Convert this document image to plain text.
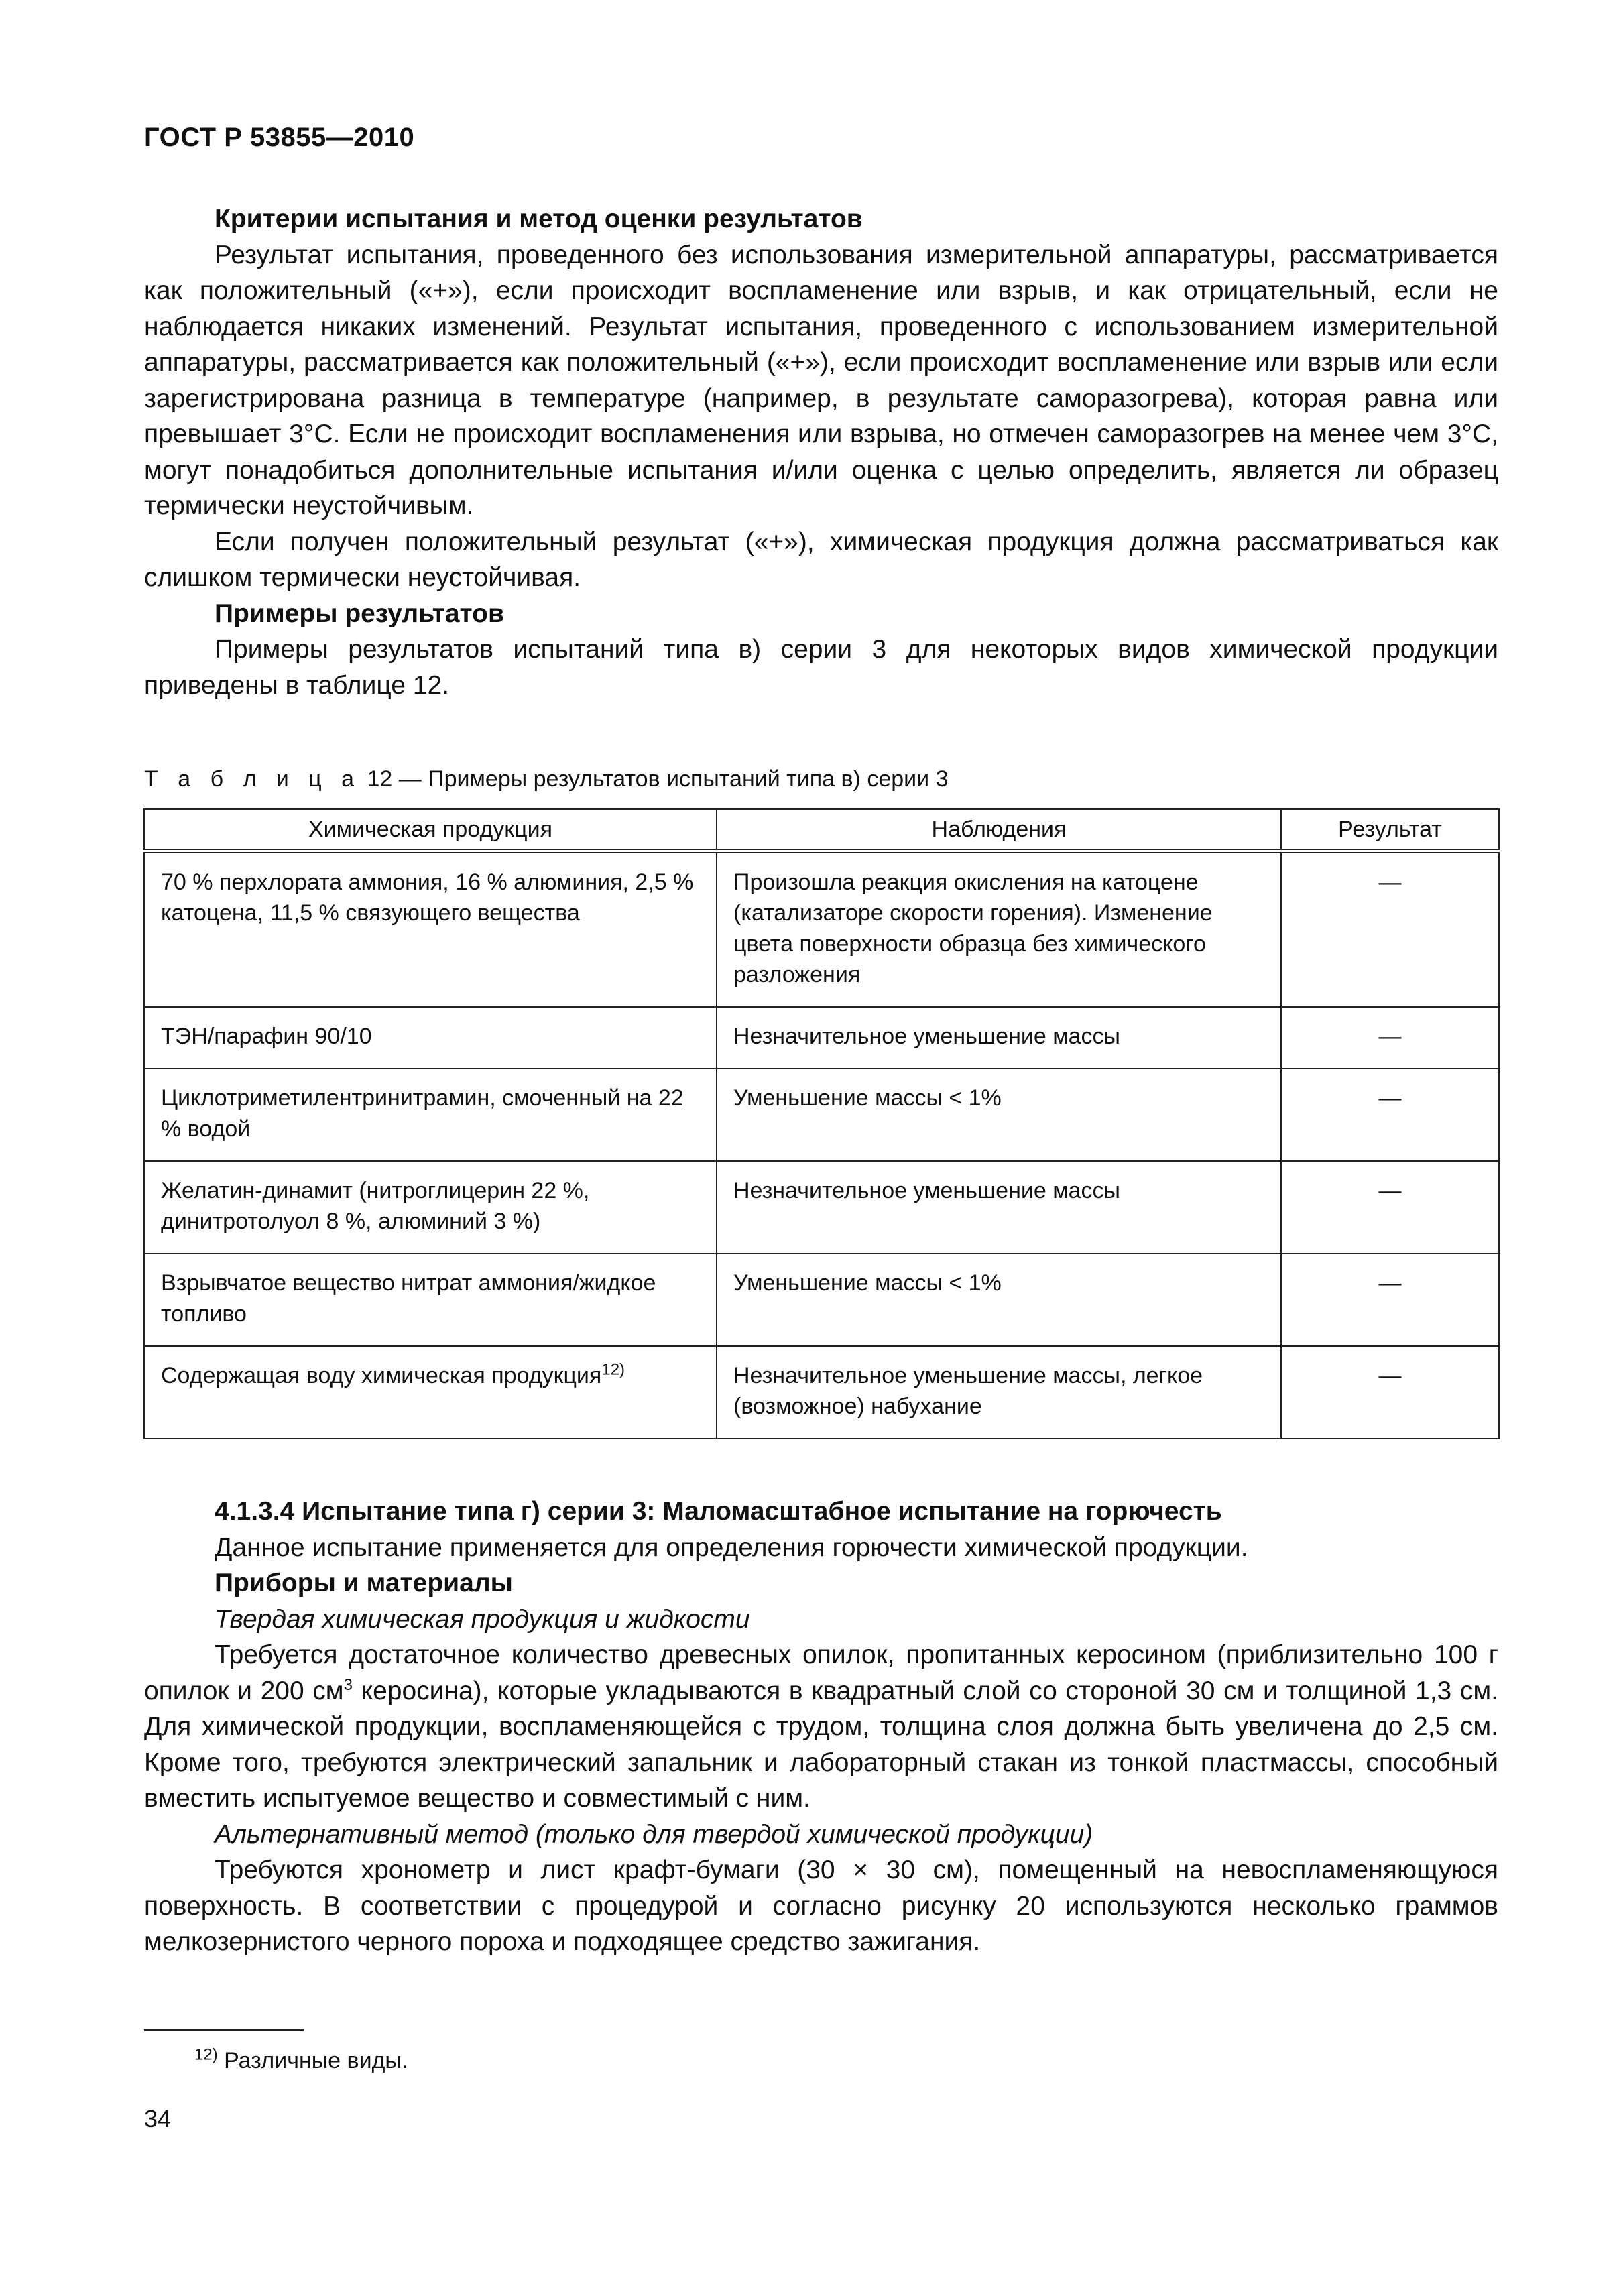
ГОСТ Р 53855—2010

Критерии испытания и метод оценки результатов

Результат испытания, проведенного без использования измерительной аппаратуры, рассматривается как положительный («+»), если происходит воспламенение или взрыв, и как отрицательный, если не наблюдается никаких изменений. Результат испытания, проведенного с использованием измерительной аппаратуры, рассматривается как положительный («+»), если происходит воспламенение или взрыв или если зарегистрирована разница в температуре (например, в результате саморазогрева), которая равна или превышает 3°С. Если не происходит воспламенения или взрыва, но отмечен саморазогрев на менее чем 3°С, могут понадобиться дополнительные испытания и/или оценка с целью определить, является ли образец термически неустойчивым.

Если получен положительный результат («+»), химическая продукция должна рассматриваться как слишком термически неустойчивая.

Примеры результатов

Примеры результатов испытаний типа в) серии 3 для некоторых видов химической продукции приведены в таблице 12.

Т а б л и ц а 12 — Примеры результатов испытаний типа в) серии 3
Химическая продукция	Наблюдения	Результат
70 % перхлората аммония, 16 % алюминия, 2,5 % катоцена, 11,5 % связующего вещества	Произошла реакция окисления на катоцене (катализаторе скорости горения). Изменение цвета поверхности образца без химического разложения	—
ТЭН/парафин 90/10	Незначительное уменьшение массы	—
Циклотриметилентринитрамин, смоченный на 22 % водой	Уменьшение массы < 1%	—
Желатин-динамит (нитроглицерин 22 %, динитротолуол 8 %, алюминий 3 %)	Незначительное уменьшение массы	—
Взрывчатое вещество нитрат аммония/жидкое топливо	Уменьшение массы < 1%	—
Содержащая воду химическая продукция$^{12)}$	Незначительное уменьшение массы, легкое (возможное) набухание	—

4.1.3.4 Испытание типа г) серии 3: Маломасштабное испытание на горючесть

Данное испытание применяется для определения горючести химической продукции.

Приборы и материалы

Твердая химическая продукция и жидкости

Требуется достаточное количество древесных опилок, пропитанных керосином (приблизительно 100 г опилок и 200 $см^3$ керосина), которые укладываются в квадратный слой со стороной 30 см и толщиной 1,3 см. Для химической продукции, воспламеняющейся с трудом, толщина слоя должна быть увеличена до 2,5 см. Кроме того, требуются электрический запальник и лабораторный стакан из тонкой пластмассы, способный вместить испытуемое вещество и совместимый с ним.

Альтернативный метод (только для твердой химической продукции)

Требуются хронометр и лист крафт-бумаги (30 × 30 см), помещенный на невоспламеняющуюся поверхность. В соответствии с процедурой и согласно рисунку 20 используются несколько граммов мелкозернистого черного пороха и подходящее средство зажигания.

$^{12)}$ Различные виды.
34
